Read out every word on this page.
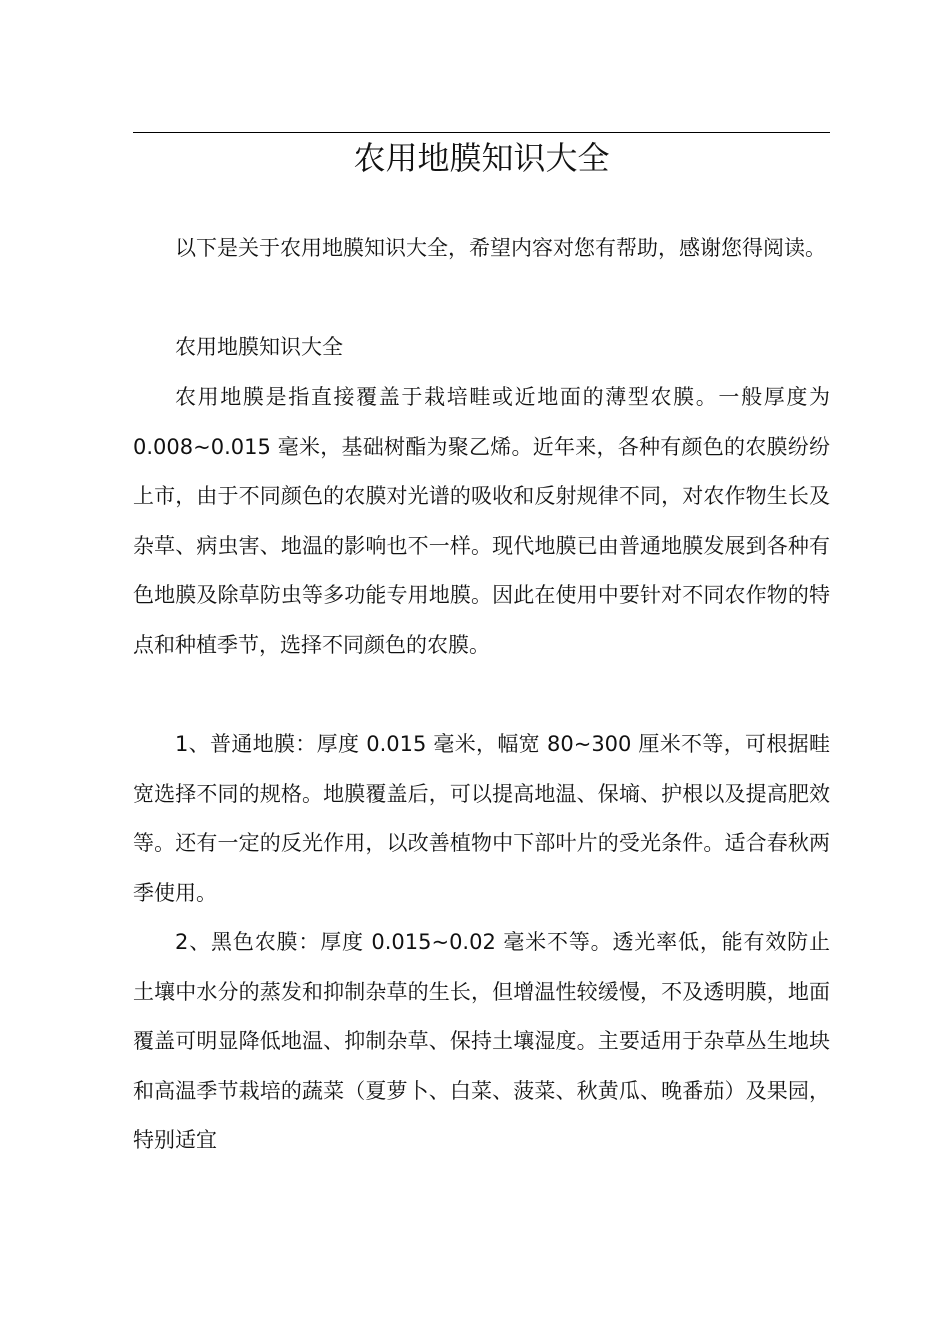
农用地膜知识大全

以下是关于农用地膜知识大全，希望内容对您有帮助，感谢您得阅读。

农用地膜知识大全

农用地膜是指直接覆盖于栽培畦或近地面的薄型农膜。一般厚度为 0.008~0.015 毫米，基础树酯为聚乙烯。近年来，各种有颜色的农膜纷纷上市，由于不同颜色的农膜对光谱的吸收和反射规律不同，对农作物生长及杂草、病虫害、地温的影响也不一样。现代地膜已由普通地膜发展到各种有色地膜及除草防虫等多功能专用地膜。因此在使用中要针对不同农作物的特点和种植季节，选择不同颜色的农膜。

1、普通地膜：厚度 0.015 毫米，幅宽 80~300 厘米不等，可根据畦宽选择不同的规格。地膜覆盖后，可以提高地温、保墒、护根以及提高肥效等。还有一定的反光作用，以改善植物中下部叶片的受光条件。适合春秋两季使用。

2、黑色农膜：厚度 0.015~0.02 毫米不等。透光率低，能有效防止土壤中水分的蒸发和抑制杂草的生长，但增温性较缓慢，不及透明膜，地面覆盖可明显降低地温、抑制杂草、保持土壤湿度。主要适用于杂草丛生地块和高温季节栽培的蔬菜（夏萝卜、白菜、菠菜、秋黄瓜、晚番茄）及果园，特别适宜
